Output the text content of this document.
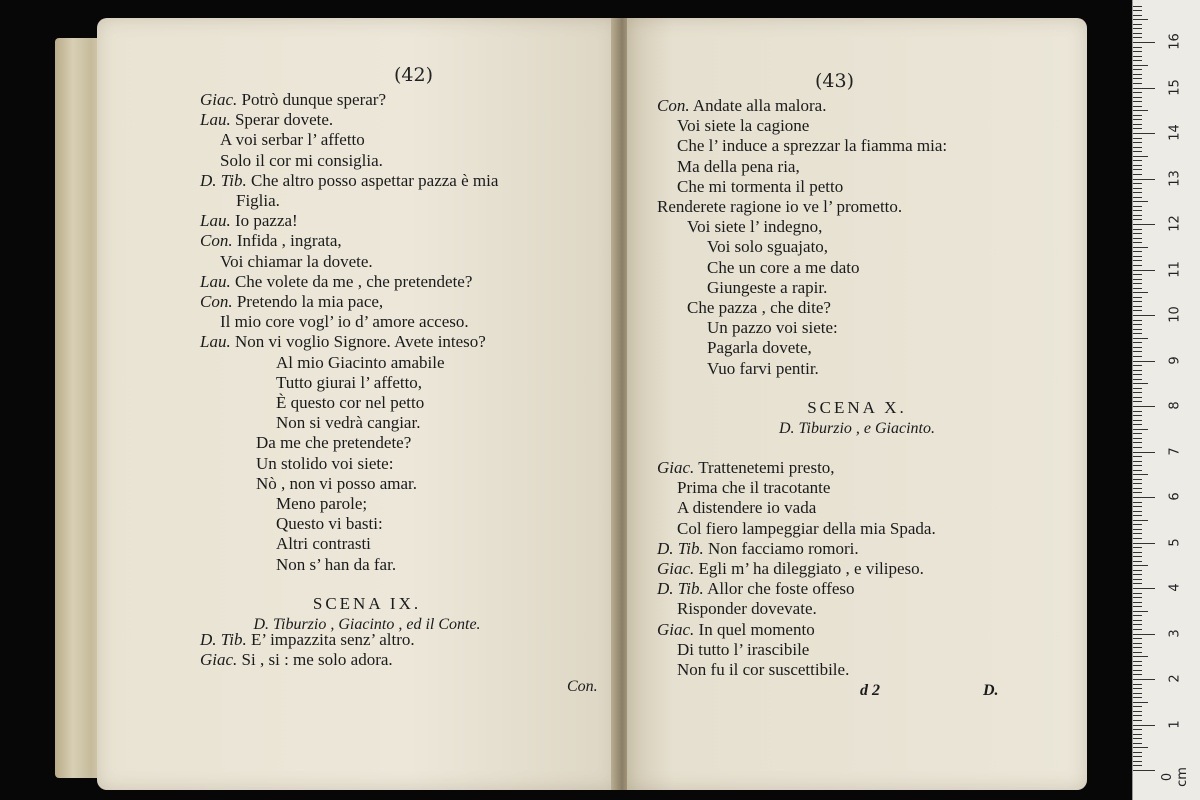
(42)
Giac. Potrò dunque sperar?
Lau. Sperar dovete.
A voi serbar l’ affetto
Solo il cor mi consiglia.
D. Tib. Che altro posso aspettar pazza è mia
Figlia.
Lau. Io pazza!
Con. Infida , ingrata,
Voi chiamar la dovete.
Lau. Che volete da me , che pretendete?
Con. Pretendo la mia pace,
Il mio core vogl’ io d’ amore acceso.
Lau. Non vi voglio Signore. Avete inteso?
Al mio Giacinto amabile
Tutto giurai l’ affetto,
È questo cor nel petto
Non si vedrà cangiar.
Da me che pretendete?
Un stolido voi siete:
Nò , non vi posso amar.
Meno parole;
Questo vi basti:
Altri contrasti
Non s’ han da far.
SCENA IX.
D. Tiburzio , Giacinto , ed il Conte.
D. Tib. E’ impazzita senz’ altro.
Giac. Si , si : me solo adora.
Con.
(43)
Con. Andate alla malora.
Voi siete la cagione
Che l’ induce a sprezzar la fiamma mia:
Ma della pena ria,
Che mi tormenta il petto
Renderete ragione io ve l’ prometto.
Voi siete l’ indegno,
Voi solo sguajato,
Che un core a me dato
Giungeste a rapir.
Che pazza , che dite?
Un pazzo voi siete:
Pagarla dovete,
Vuo farvi pentir.
SCENA X.
D. Tiburzio , e Giacinto.
Giac. Trattenetemi presto,
Prima che il tracotante
A distendere io vada
Col fiero lampeggiar della mia Spada.
D. Tib. Non facciamo romori.
Giac. Egli m’ ha dileggiato , e vilipeso.
D. Tib. Allor che foste offeso
Risponder dovevate.
Giac. In quel momento
Di tutto l’ irascibile
Non fu il cor suscettibile.
d 2	D.
0 cm
1
2
3
4
5
6
7
8
9
10
11
12
13
14
15
16
